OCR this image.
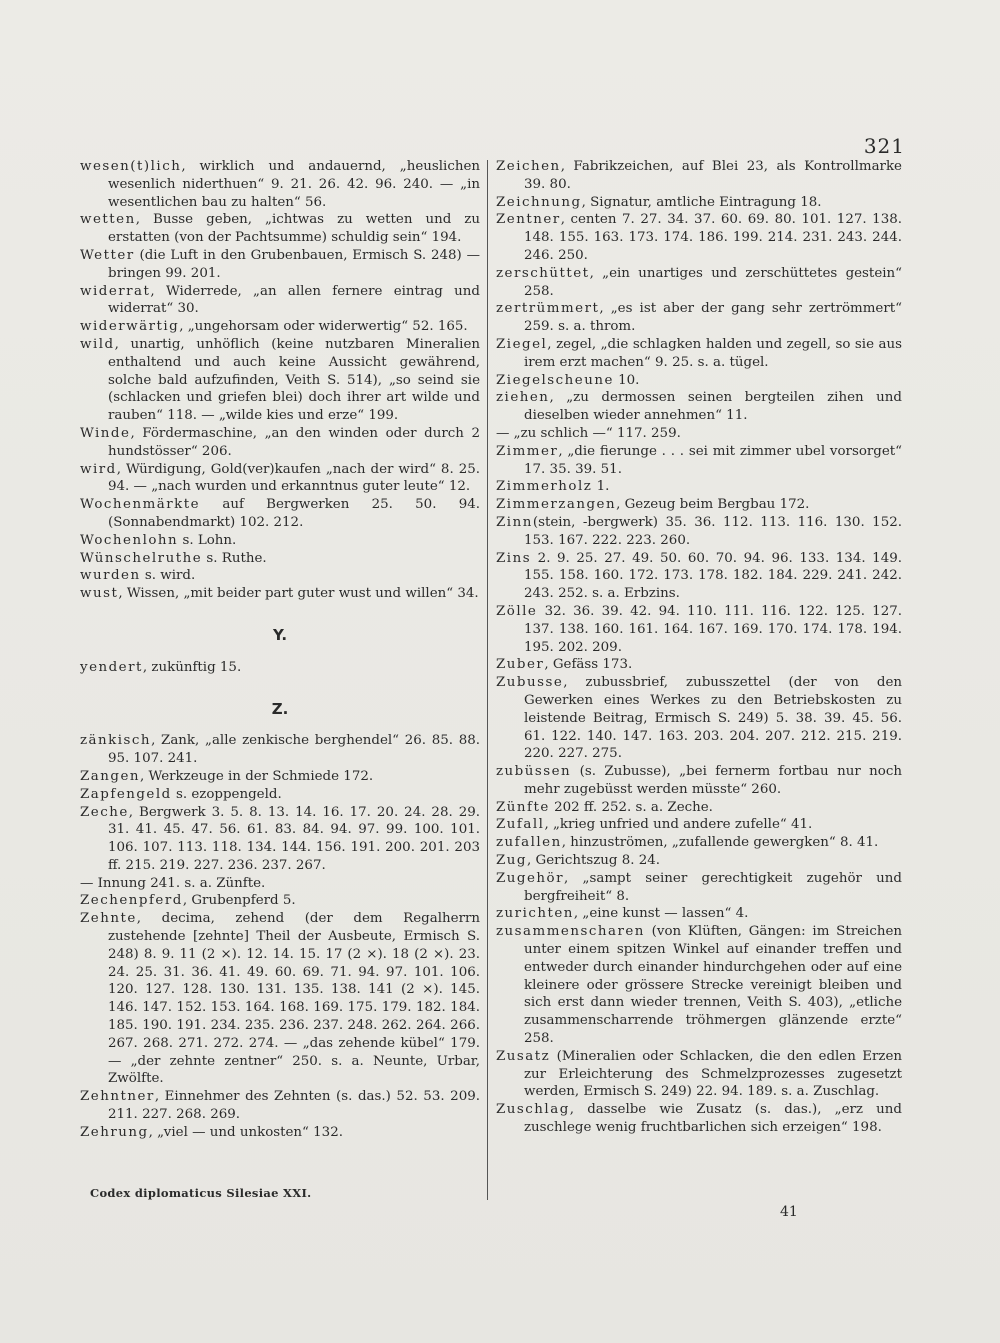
321

wesen(t)lich, wirklich und andauernd, „heuslichen wesenlich niderthuen“ 9. 21. 26. 42. 96. 240. — „in wesentlichen bau zu halten“ 56.

wetten, Busse geben, „ichtwas zu wetten und zu erstatten (von der Pachtsumme) schuldig sein“ 194.

Wetter (die Luft in den Grubenbauen, Ermisch S. 248) — bringen 99. 201.

widerrat, Widerrede, „an allen fernere eintrag und widerrat“ 30.

widerwärtig, „ungehorsam oder widerwertig“ 52. 165.

wild, unartig, unhöflich (keine nutzbaren Mineralien enthaltend und auch keine Aussicht gewährend, solche bald aufzufinden, Veith S. 514), „so seind sie (schlacken und griefen blei) doch ihrer art wilde und rauben“ 118. — „wilde kies und erze“ 199.

Winde, Fördermaschine, „an den winden oder durch 2 hundstösser“ 206.

wird, Würdigung, Gold(ver)kaufen „nach der wird“ 8. 25. 94. — „nach wurden und erkanntnus guter leute“ 12.

Wochenmärkte auf Bergwerken 25. 50. 94. (Sonnabendmarkt) 102. 212.

Wochenlohn s. Lohn.

Wünschelruthe s. Ruthe.

wurden s. wird.

wust, Wissen, „mit beider part guter wust und willen“ 34.

Y.

yendert, zukünftig 15.

Z.

zänkisch, Zank, „alle zenkische berghendel“ 26. 85. 88. 95. 107. 241.

Zangen, Werkzeuge in der Schmiede 172.

Zapfengeld s. ezoppengeld.

Zeche, Bergwerk 3. 5. 8. 13. 14. 16. 17. 20. 24. 28. 29. 31. 41. 45. 47. 56. 61. 83. 84. 94. 97. 99. 100. 101. 106. 107. 113. 118. 134. 144. 156. 191. 200. 201. 203 ff. 215. 219. 227. 236. 237. 267.

— Innung 241. s. a. Zünfte.

Zechenpferd, Grubenpferd 5.

Zehnte, decima, zehend (der dem Regalherrn zustehende [zehnte] Theil der Ausbeute, Ermisch S. 248) 8. 9. 11 (2 ×). 12. 14. 15. 17 (2 ×). 18 (2 ×). 23. 24. 25. 31. 36. 41. 49. 60. 69. 71. 94. 97. 101. 106. 120. 127. 128. 130. 131. 135. 138. 141 (2 ×). 145. 146. 147. 152. 153. 164. 168. 169. 175. 179. 182. 184. 185. 190. 191. 234. 235. 236. 237. 248. 262. 264. 266. 267. 268. 271. 272. 274. — „das zehende kübel“ 179. — „der zehnte zentner“ 250. s. a. Neunte, Urbar, Zwölfte.

Zehntner, Einnehmer des Zehnten (s. das.) 52. 53. 209. 211. 227. 268. 269.

Zehrung, „viel — und unkosten“ 132.

Zeichen, Fabrikzeichen, auf Blei 23, als Kontrollmarke 39. 80.

Zeichnung, Signatur, amtliche Eintragung 18.

Zentner, centen 7. 27. 34. 37. 60. 69. 80. 101. 127. 138. 148. 155. 163. 173. 174. 186. 199. 214. 231. 243. 244. 246. 250.

zerschüttet, „ein unartiges und zerschüttetes gestein“ 258.

zertrümmert, „es ist aber der gang sehr zertrömmert“ 259. s. a. throm.

Ziegel, zegel, „die schlagken halden und zegell, so sie aus irem erzt machen“ 9. 25. s. a. tügel.

Ziegelscheune 10.

ziehen, „zu dermossen seinen bergteilen zihen und dieselben wieder annehmen“ 11.

— „zu schlich —“ 117. 259.

Zimmer, „die fierunge . . . sei mit zimmer ubel vorsorget“ 17. 35. 39. 51.

Zimmerholz 1.

Zimmerzangen, Gezeug beim Bergbau 172.

Zinn(stein, -bergwerk) 35. 36. 112. 113. 116. 130. 152. 153. 167. 222. 223. 260.

Zins 2. 9. 25. 27. 49. 50. 60. 70. 94. 96. 133. 134. 149. 155. 158. 160. 172. 173. 178. 182. 184. 229. 241. 242. 243. 252. s. a. Erbzins.

Zölle 32. 36. 39. 42. 94. 110. 111. 116. 122. 125. 127. 137. 138. 160. 161. 164. 167. 169. 170. 174. 178. 194. 195. 202. 209.

Zuber, Gefäss 173.

Zubusse, zubussbrief, zubusszettel (der von den Gewerken eines Werkes zu den Betriebskosten zu leistende Beitrag, Ermisch S. 249) 5. 38. 39. 45. 56. 61. 122. 140. 147. 163. 203. 204. 207. 212. 215. 219. 220. 227. 275.

zubüssen (s. Zubusse), „bei fernerm fortbau nur noch mehr zugebüsst werden müsste“ 260.

Zünfte 202 ff. 252. s. a. Zeche.

Zufall, „krieg unfried und andere zufelle“ 41.

zufallen, hinzuströmen, „zufallende gewergken“ 8. 41.

Zug, Gerichtszug 8. 24.

Zugehör, „sampt seiner gerechtigkeit zugehör und bergfreiheit“ 8.

zurichten, „eine kunst — lassen“ 4.

zusammenscharen (von Klüften, Gängen: im Streichen unter einem spitzen Winkel auf einander treffen und entweder durch einander hindurchgehen oder auf eine kleinere oder grössere Strecke vereinigt bleiben und sich erst dann wieder trennen, Veith S. 403), „etliche zusammenscharrende tröhmergen glänzende erzte“ 258.

Zusatz (Mineralien oder Schlacken, die den edlen Erzen zur Erleichterung des Schmelzprozesses zugesetzt werden, Ermisch S. 249) 22. 94. 189. s. a. Zuschlag.

Zuschlag, dasselbe wie Zusatz (s. das.), „erz und zuschlege wenig fruchtbarlichen sich erzeigen“ 198.

Codex diplomaticus Silesiae XXI.
41
